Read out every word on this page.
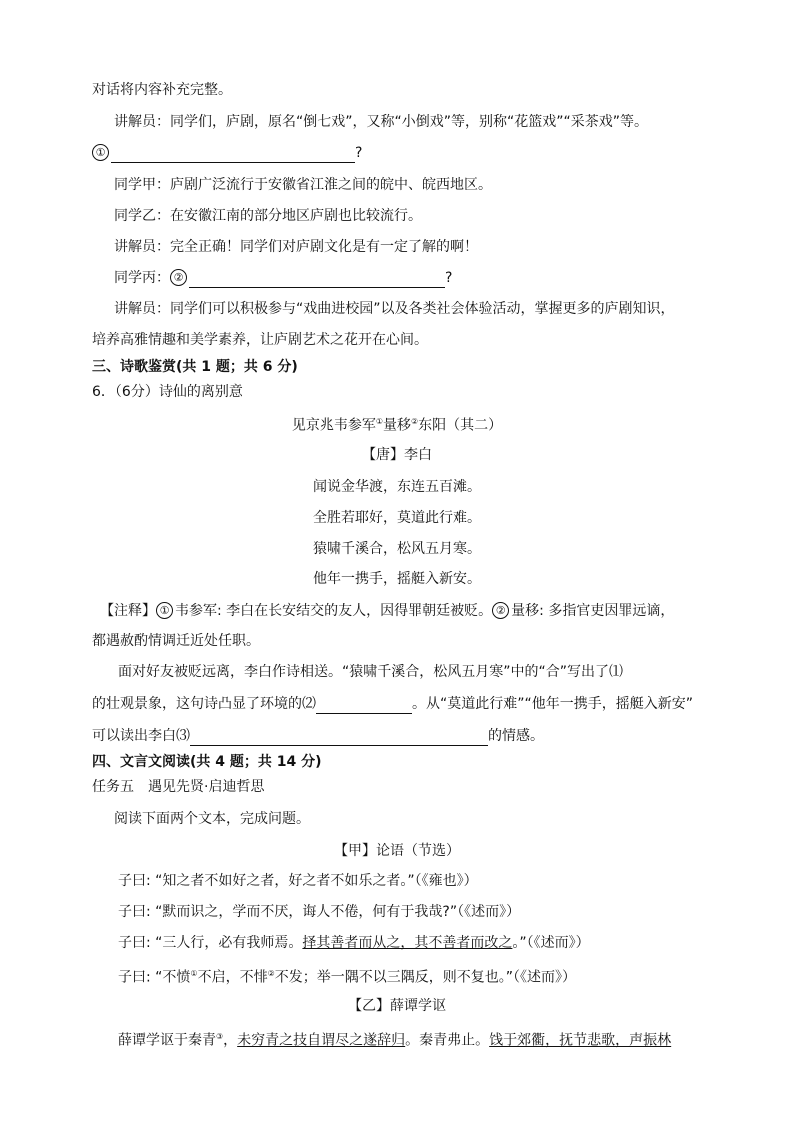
对话将内容补充完整。
讲解员：同学们，庐剧，原名“倒七戏”，又称“小倒戏”等，别称“花篮戏”“采茶戏”等。
①	?
同学甲：庐剧广泛流行于安徽省江淮之间的皖中、皖西地区。
同学乙：在安徽江南的部分地区庐剧也比较流行。
讲解员：完全正确！同学们对庐剧文化是有一定了解的啊！
同学丙： ②	?
讲解员：同学们可以积极参与“戏曲进校园”以及各类社会体验活动，掌握更多的庐剧知识，
培养高雅情趣和美学素养，让庐剧艺术之花开在心间。
三、诗歌鉴赏(共 1 题；共 6 分)
6．（6分）诗仙的离别意
见京兆韦参军①量移②东阳（其二）
【唐】李白
闻说金华渡，东连五百滩。
全胜若耶好，莫道此行难。
猿啸千溪合，松风五月寒。
他年一携手，摇艇入新安。
【注释】 ① 韦参军: 李白在长安结交的友人，因得罪朝廷被贬。 ② 量移: 多指官吏因罪远谪，
都遇赦酌情调迁近处任职。
面对好友被贬远离，李白作诗相送。“猿啸千溪合，松风五月寒”中的“合”写出了⑴
的壮观景象，这句诗凸显了环境的⑵	。从“莫道此行难”“他年一携手，摇艇入新安”
可以读出李白⑶	的情感。
四、文言文阅读(共 4 题；共 14 分)
任务五　遇见先贤·启迪哲思
阅读下面两个文本，完成问题。
【甲】论语（节选）
子曰: “知之者不如好之者，好之者不如乐之者。”（《雍也》）
子曰: “默而识之，学而不厌，诲人不倦，何有于我哉?”（《述而》）
子曰: “三人行，必有我师焉。择其善者而从之，其不善者而改之。”（《述而》）
子曰: “不愤①不启，不悱②不发；举一隅不以三隅反，则不复也。”（《述而》）
【乙】薛谭学讴
薛谭学讴于秦青③，未穷青之技自谓尽之遂辞归。秦青弗止。饯于郊衢，抚节悲歌，声振林
